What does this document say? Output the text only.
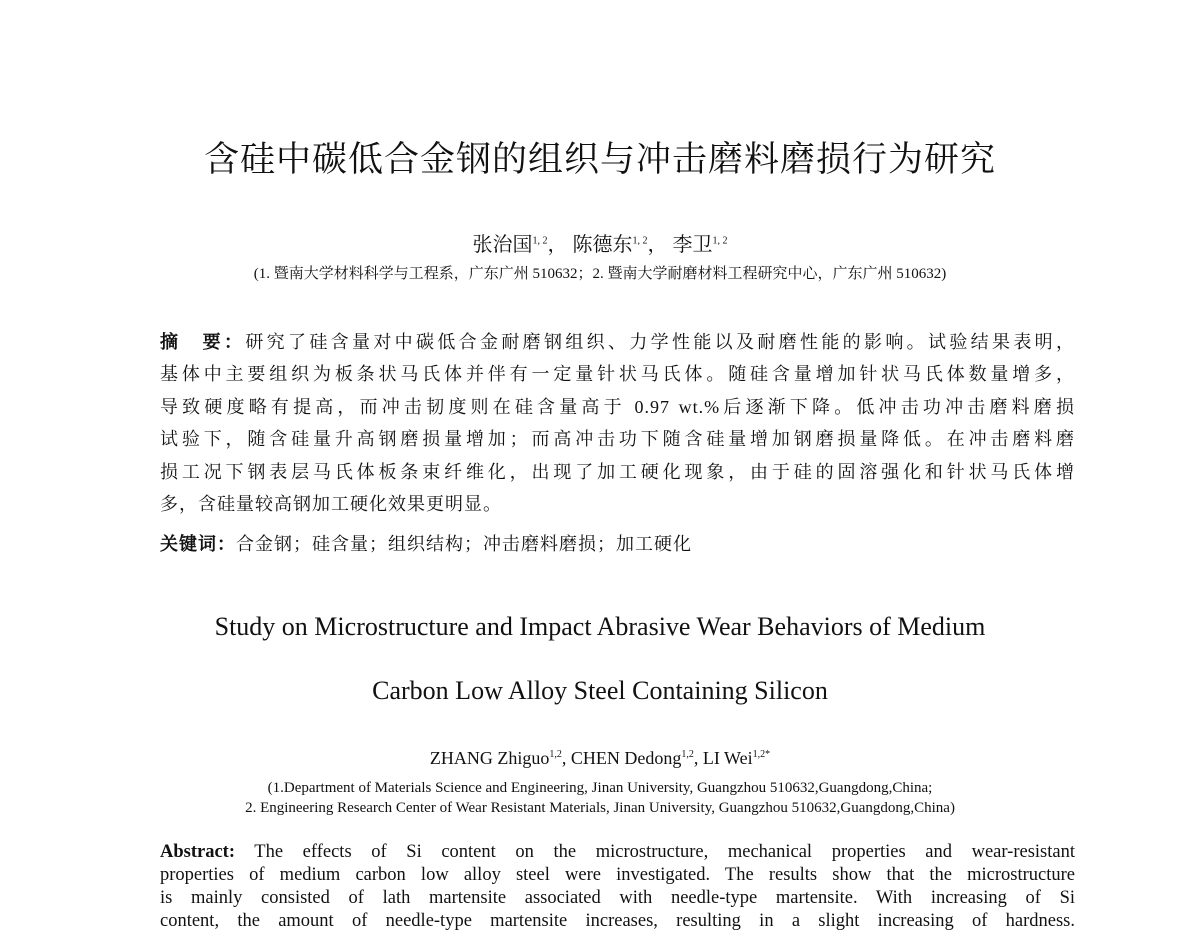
含硅中碳低合金钢的组织与冲击磨料磨损行为研究
张治国$^{1, 2}$， 陈德东$^{1, 2}$， 李卫$^{1, 2}$
(1. 暨南大学材料科学与工程系，广东广州 510632；2. 暨南大学耐磨材料工程研究中心，广东广州 510632)
摘　要：研究了硅含量对中碳低合金耐磨钢组织、力学性能以及耐磨性能的影响。试验结果表明，
基体中主要组织为板条状马氏体并伴有一定量针状马氏体。随硅含量增加针状马氏体数量增多，
导致硬度略有提高，而冲击韧度则在硅含量高于 0.97 wt.%后逐渐下降。低冲击功冲击磨料磨损
试验下，随含硅量升高钢磨损量增加；而高冲击功下随含硅量增加钢磨损量降低。在冲击磨料磨
损工况下钢表层马氏体板条束纤维化，出现了加工硬化现象，由于硅的固溶强化和针状马氏体增
多，含硅量较高钢加工硬化效果更明显。
关键词：合金钢；硅含量；组织结构；冲击磨料磨损；加工硬化
Study on Microstructure and Impact Abrasive Wear Behaviors of Medium
Carbon Low Alloy Steel Containing Silicon
ZHANG Zhiguo$^{1,2}$, CHEN Dedong$^{1,2}$, LI Wei$^{1,2*}$
(1.Department of Materials Science and Engineering, Jinan University, Guangzhou 510632,Guangdong,China;
2. Engineering Research Center of Wear Resistant Materials, Jinan University, Guangzhou 510632,Guangdong,China)
Abstract: The effects of Si content on the microstructure, mechanical properties and wear-resistant
properties of medium carbon low alloy steel were investigated. The results show that the microstructure
is mainly consisted of lath martensite associated with needle-type martensite. With increasing of Si
content, the amount of needle-type martensite increases, resulting in a slight increasing of hardness.
